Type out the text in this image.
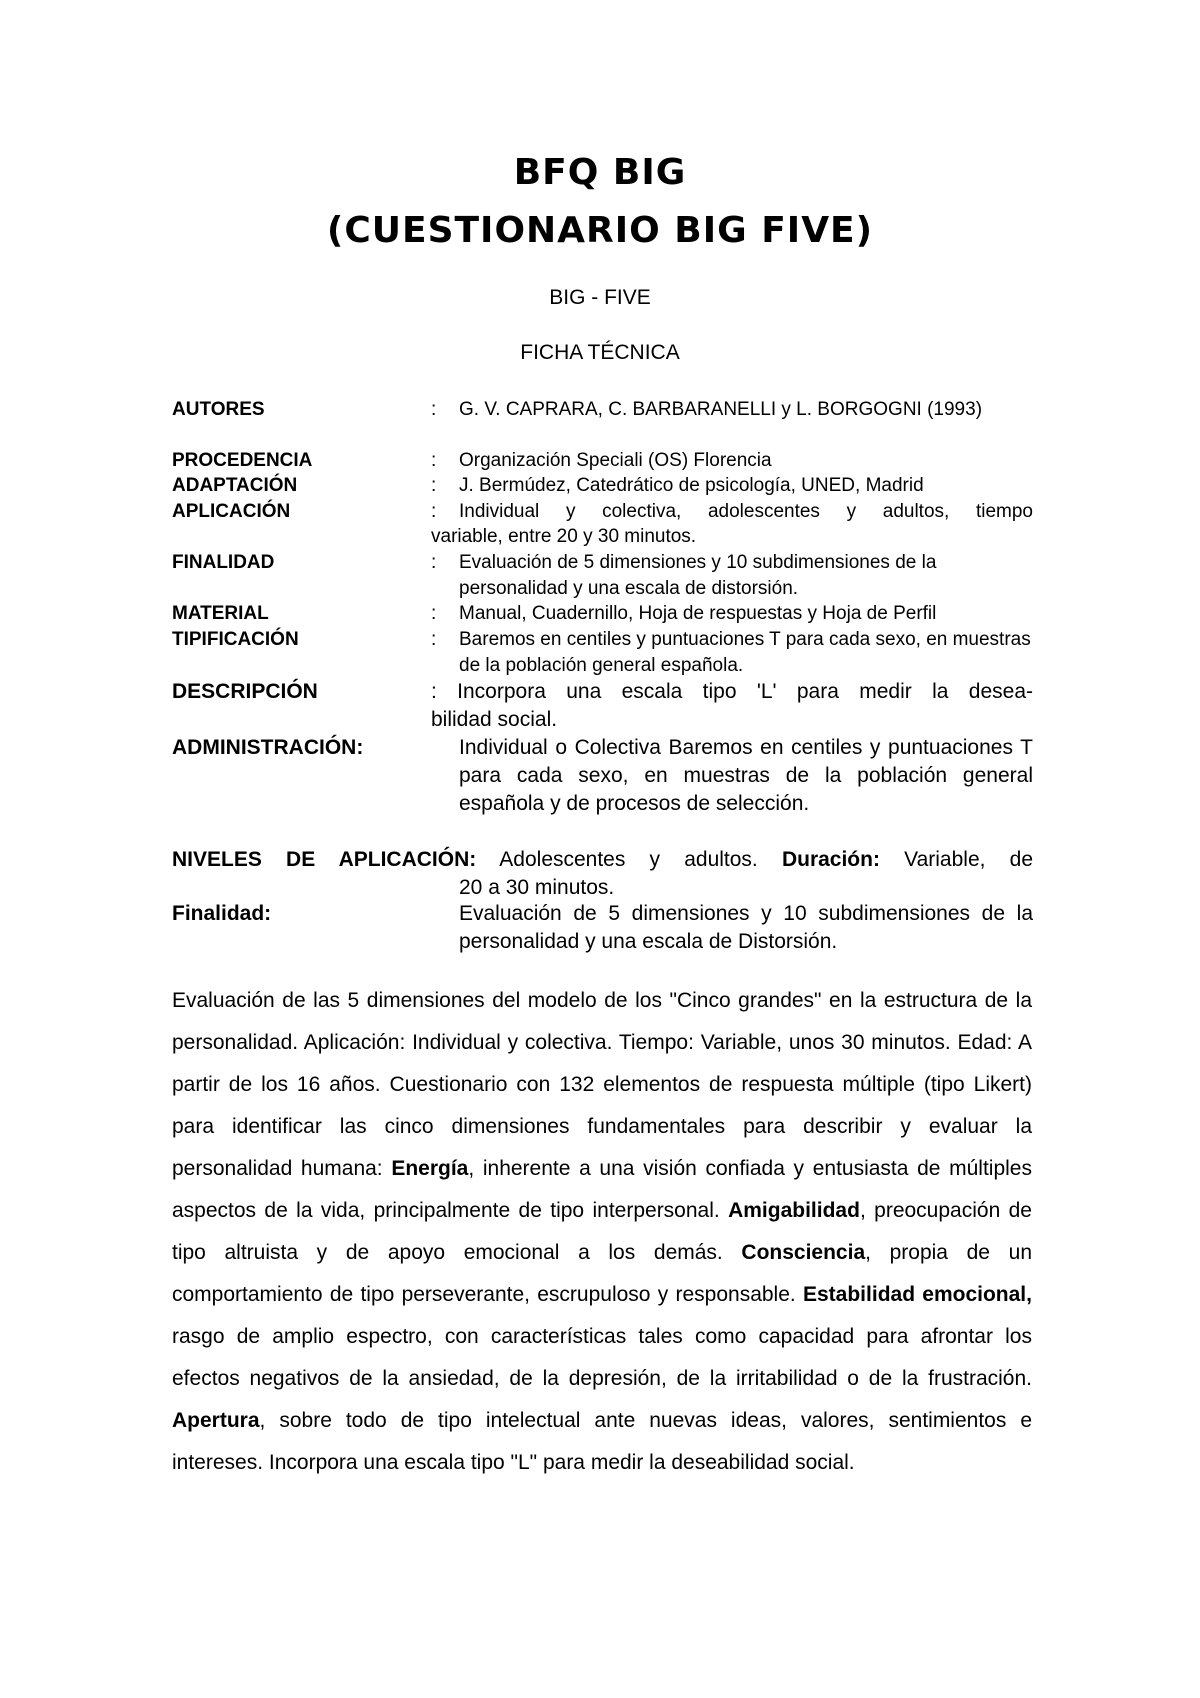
BFQ BIG
(CUESTIONARIO BIG FIVE)
BIG - FIVE
FICHA TÉCNICA
AUTORES	: G. V. CAPRARA, C. BARBARANELLI y L. BORGOGNI (1993)
PROCEDENCIA	: Organización Speciali (OS) Florencia
ADAPTACIÓN	: J. Bermúdez, Catedrático de psicología, UNED, Madrid
APLICACIÓN	: Individual y colectiva, adolescentes y adultos, tiempo
variable, entre 20 y 30 minutos.
FINALIDAD	: Evaluación de 5 dimensiones y 10 subdimensiones de la personalidad y una escala de distorsión.
MATERIAL	: Manual, Cuadernillo, Hoja de respuestas y Hoja de Perfil
TIPIFICACIÓN	: Baremos en centiles y puntuaciones T para cada sexo, en muestras de la población general española.
DESCRIPCIÓN	: Incorpora una escala tipo 'L' para medir la desea-
bilidad social.
ADMINISTRACIÓN:	Individual o Colectiva Baremos en centiles y puntuaciones T para cada sexo, en muestras de la población general española y de procesos de selección.
NIVELES DE APLICACIÓN: Adolescentes y adultos. Duración: Variable, de
20 a 30 minutos.
Finalidad:	Evaluación de 5 dimensiones y 10 subdimensiones de la personalidad y una escala de Distorsión.

Evaluación de las 5 dimensiones del modelo de los "Cinco grandes" en la estructura de la personalidad. Aplicación: Individual y colectiva. Tiempo: Variable, unos 30 minutos. Edad: A partir de los 16 años. Cuestionario con 132 elementos de respuesta múltiple (tipo Likert) para identificar las cinco dimensiones fundamentales para describir y evaluar la personalidad humana: Energía, inherente a una visión confiada y entusiasta de múltiples aspectos de la vida, principalmente de tipo interpersonal. Amigabilidad, preocupación de tipo altruista y de apoyo emocional a los demás. Consciencia, propia de un comportamiento de tipo perseverante, escrupuloso y responsable. Estabilidad emocional, rasgo de amplio espectro, con características tales como capacidad para afrontar los efectos negativos de la ansiedad, de la depresión, de la irritabilidad o de la frustración. Apertura, sobre todo de tipo intelectual ante nuevas ideas, valores, sentimientos e intereses. Incorpora una escala tipo "L" para medir la deseabilidad social.
